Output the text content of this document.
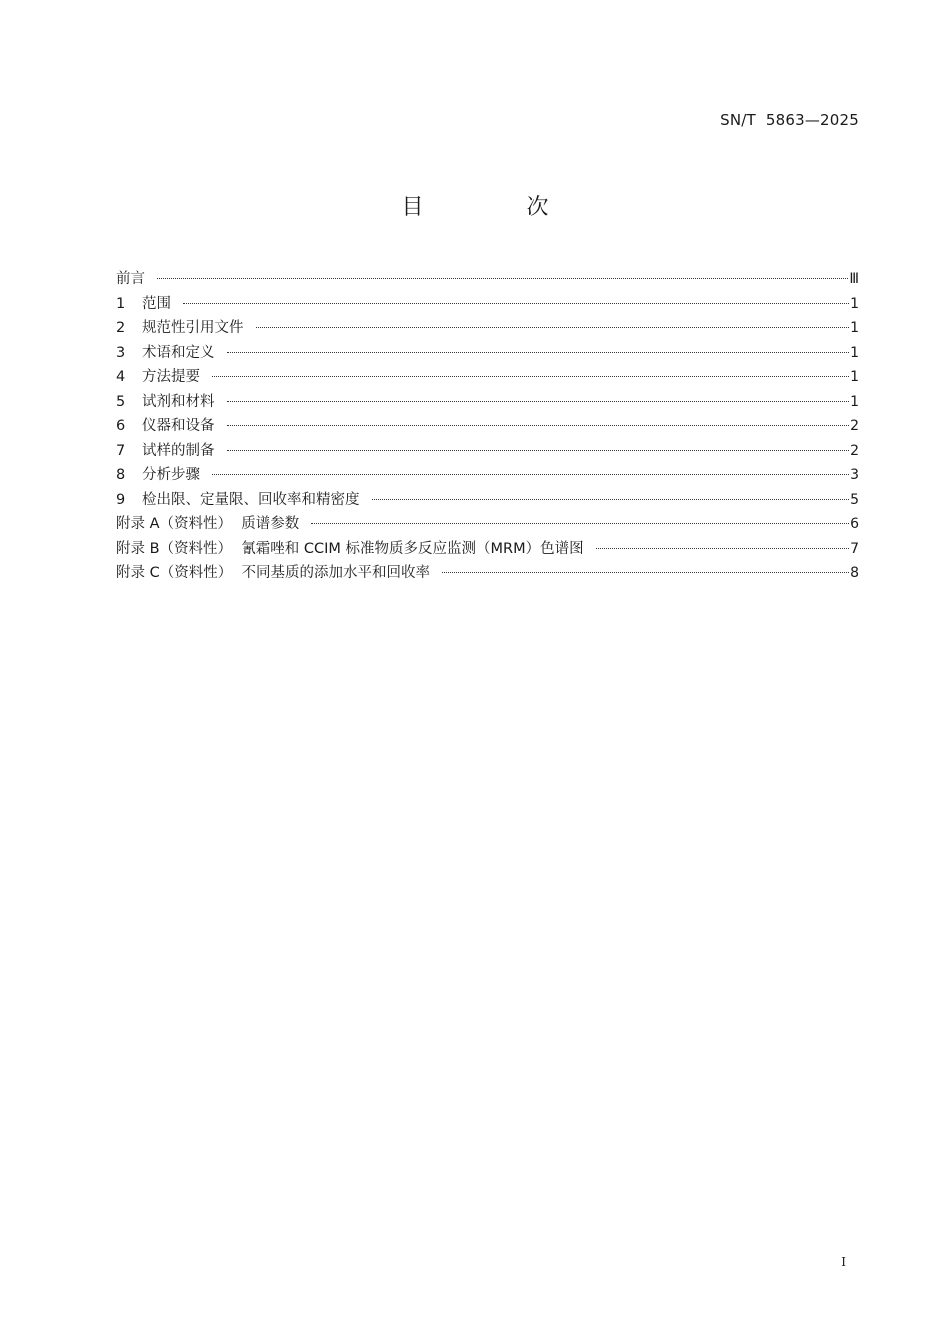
SN/T  5863—2025
目 次
前言	Ⅲ
1	范围	1
2	规范性引用文件	1
3	术语和定义	1
4	方法提要	1
5	试剂和材料	1
6	仪器和设备	2
7	试样的制备	2
8	分析步骤	3
9	检出限、定量限、回收率和精密度	5
附录 A（资料性）  质谱参数	6
附录 B（资料性）  氰霜唑和 CCIM 标准物质多反应监测（MRM）色谱图	7
附录 C（资料性）  不同基质的添加水平和回收率	8
I
